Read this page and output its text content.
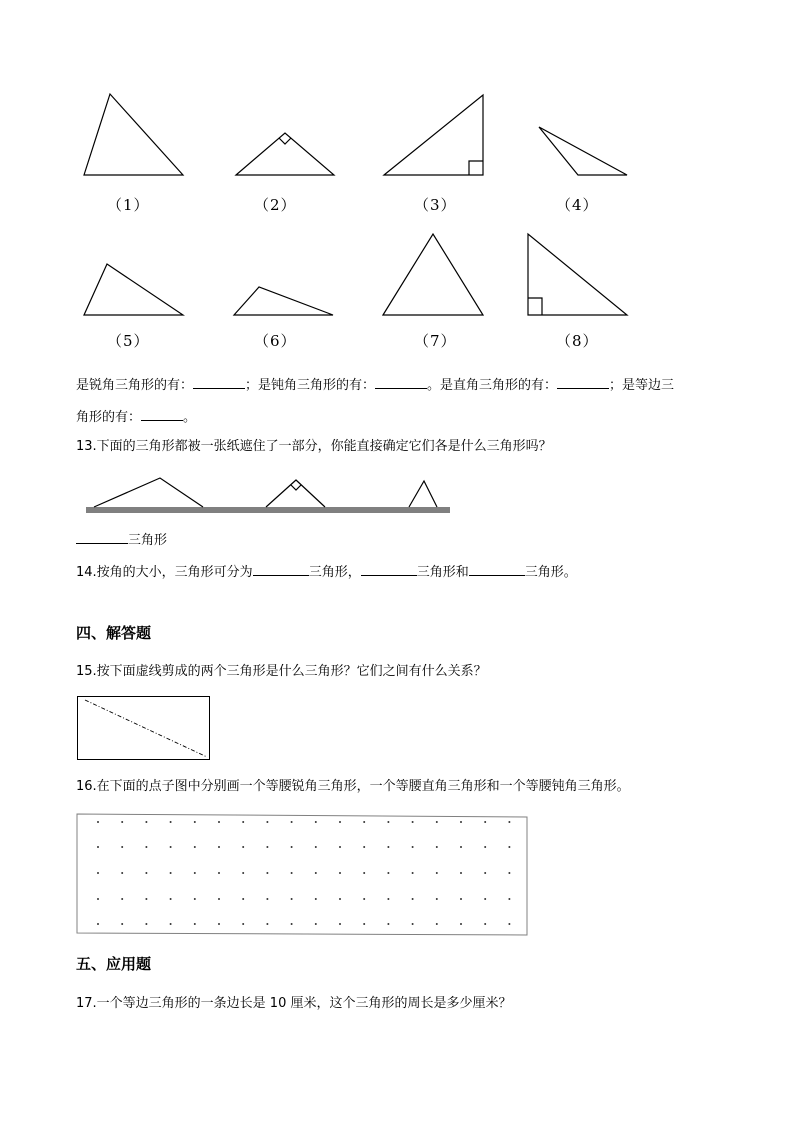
（1）	（2）	（3）	（4）
（5）	（6）	（7）	（8）
是锐角三角形的有：	；是钝角三角形的有：	。是直角三角形的有：	；是等边三
角形的有：	。
13.下面的三角形都被一张纸遮住了一部分，你能直接确定它们各是什么三角形吗？
三角形
14.按角的大小，三角形可分为	三角形，	三角形和	三角形。
四、解答题
15.按下面虚线剪成的两个三角形是什么三角形？它们之间有什么关系？
16.在下面的点子图中分别画一个等腰锐角三角形，一个等腰直角三角形和一个等腰钝角三角形。
五、应用题
17.一个等边三角形的一条边长是 10 厘米，这个三角形的周长是多少厘米？
